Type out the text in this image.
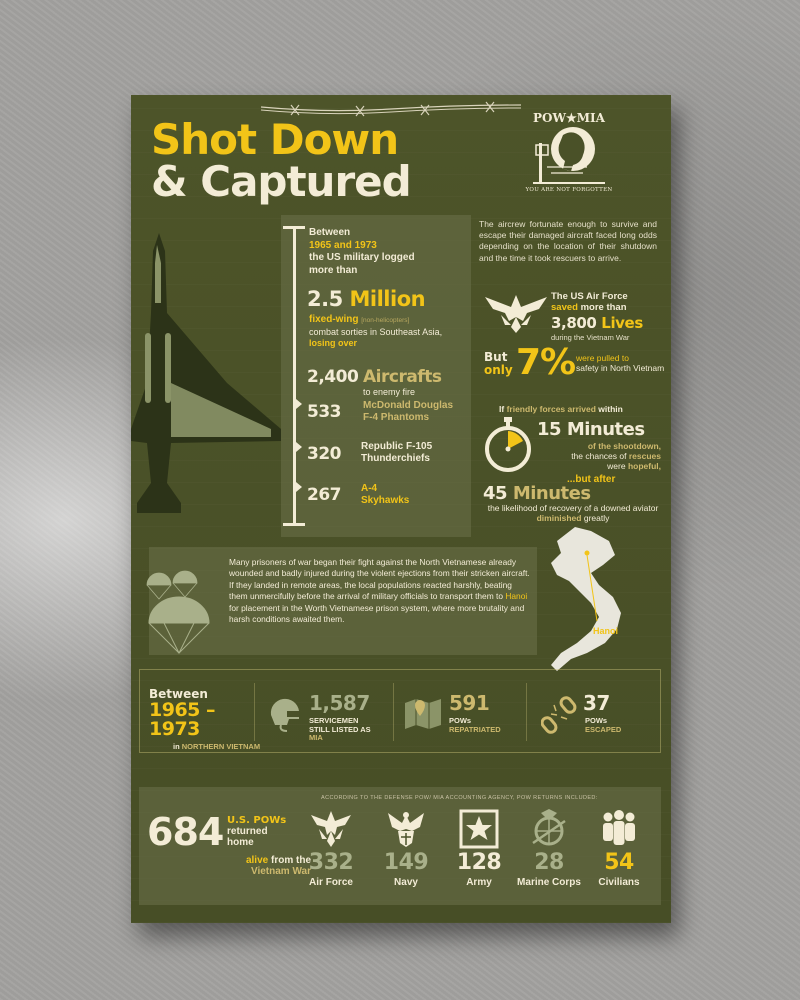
Shot Down
& Captured
POW★MIA
YOU ARE NOT FORGOTTEN
Between
1965 and 1973
the US military logged more than
2.5 Million
fixed-wing [non-helicopters]
combat sorties in Southeast Asia, losing over
2,400 Aircrafts
to enemy fire
533 McDonald Douglas F-4 Phantoms
320 Republic F-105 Thunderchiefs
267 A-4 Skyhawks
The aircrew fortunate enough to survive and escape their damaged aircraft faced long odds depending on the location of their shutdown and the time it took rescuers to arrive.
The US Air Force
saved more than
3,800 Lives
during the Vietnam War
But
only 7% were pulled to
safety in North Vietnam
If friendly forces arrived within
15 Minutes
of the shootdown,
the chances of rescues
were hopeful,
...but after
45 Minutes
the likelihood of recovery of a downed aviator diminished greatly
Many prisoners of war began their fight against the North Vietnamese already wounded and badly injured during the violent ejections from their stricken aircraft. If they landed in remote areas, the local populations reacted harshly, beating them unmercifully before the arrival of military officials to transport them to Hanoi for placement in the Worth Vietnamese prison system, where more brutality and harsh conditions awaited them.
Hanoi
Between
1965 –
1973
in NORTHERN VIETNAM
1,587
SERVICEMEN STILL LISTED AS MIA
591
POWs
REPATRIATED
37
POWs
ESCAPED
ACCORDING TO THE DEFENSE POW/ MIA ACCOUNTING AGENCY, POW RETURNS INCLUDED:
684 U.S. POWs
returned
home
alive from the
Vietnam War
332
Air Force
149
Navy
128
Army
28
Marine Corps
54
Civilians
